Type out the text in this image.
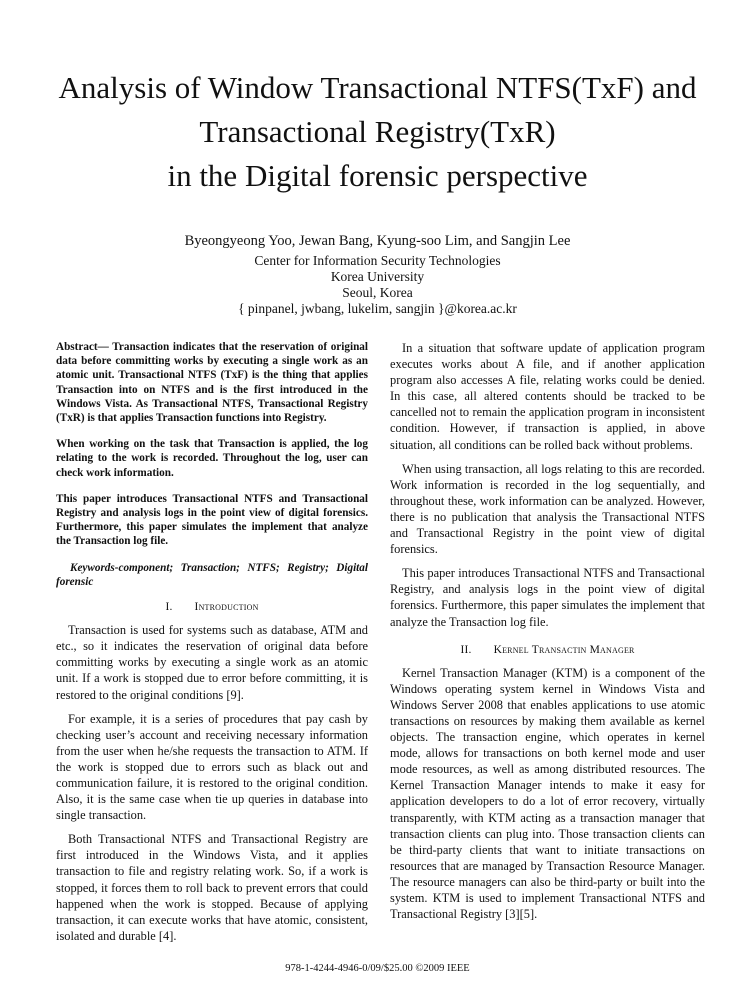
Analysis of Window Transactional NTFS(TxF) and
Transactional Registry(TxR)
in the Digital forensic perspective
Byeongyeong Yoo, Jewan Bang, Kyung-soo Lim, and Sangjin Lee
Center for Information Security Technologies
Korea University
Seoul, Korea
{ pinpanel, jwbang, lukelim, sangjin }@korea.ac.kr

Abstract— Transaction indicates that the reservation of original data before committing works by executing a single work as an atomic unit. Transactional NTFS (TxF) is the thing that applies Transaction into on NTFS and is the first introduced in the Windows Vista. As Transactional NTFS, Transactional Registry (TxR) is that applies Transaction functions into Registry.

When working on the task that Transaction is applied, the log relating to the work is recorded. Throughout the log, user can check work information.

This paper introduces Transactional NTFS and Transactional Registry and analysis logs in the point view of digital forensics. Furthermore, this paper simulates the implement that analyze the Transaction log file.

Keywords-component; Transaction; NTFS; Registry; Digital forensic

I. Introduction

Transaction is used for systems such as database, ATM and etc., so it indicates the reservation of original data before committing works by executing a single work as an atomic unit. If a work is stopped due to error before committing, it is restored to the original conditions [9].

For example, it is a series of procedures that pay cash by checking user’s account and receiving necessary information from the user when he/she requests the transaction to ATM. If the work is stopped due to errors such as black out and communication failure, it is restored to the original condition. Also, it is the same case when tie up queries in database into single transaction.

Both Transactional NTFS and Transactional Registry are first introduced in the Windows Vista, and it applies transaction to file and registry relating work. So, if a work is stopped, it forces them to roll back to prevent errors that could happened when the work is stopped. Because of applying transaction, it can execute works that have atomic, consistent, isolated and durable [4].

In a situation that software update of application program executes works about A file, and if another application program also accesses A file, relating works could be denied. In this case, all altered contents should be tracked to be cancelled not to remain the application program in inconsistent condition. However, if transaction is applied, in above situation, all conditions can be rolled back without problems.

When using transaction, all logs relating to this are recorded. Work information is recorded in the log sequentially, and throughout these, work information can be analyzed. However, there is no publication that analysis the Transactional NTFS and Transactional Registry in the point view of digital forensics.

This paper introduces Transactional NTFS and Transactional Registry, and analysis logs in the point view of digital forensics. Furthermore, this paper simulates the implement that analyze the Transaction log file.

II. Kernel Transactin Manager

Kernel Transaction Manager (KTM) is a component of the Windows operating system kernel in Windows Vista and Windows Server 2008 that enables applications to use atomic transactions on resources by making them available as kernel objects. The transaction engine, which operates in kernel mode, allows for transactions on both kernel mode and user mode resources, as well as among distributed resources. The Kernel Transaction Manager intends to make it easy for application developers to do a lot of error recovery, virtually transparently, with KTM acting as a transaction manager that transaction clients can plug into. Those transaction clients can be third-party clients that want to initiate transactions on resources that are managed by Transaction Resource Manager. The resource managers can also be third-party or built into the system. KTM is used to implement Transactional NTFS and Transactional Registry [3][5].

978-1-4244-4946-0/09/$25.00 ©2009 IEEE
